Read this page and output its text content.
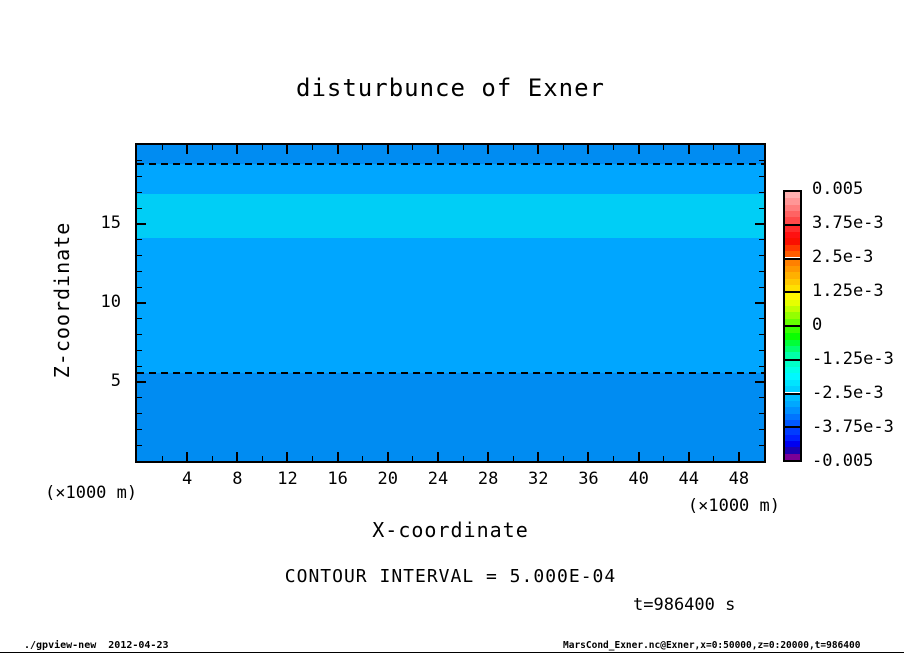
disturbunce of Exner
Z-coordinate
X-coordinate
(×1000 m)
(×1000 m)
4	8	12	16	20	24	28	32	36	40	44	48
5
10
15
CONTOUR INTERVAL = 5.000E-04
t=986400 s
./gpview-new  2012-04-23	MarsCond_Exner.nc@Exner,x=0:50000,z=0:20000,t=986400
0.005
3.75e-3
2.5e-3
1.25e-3
0
-1.25e-3
-2.5e-3
-3.75e-3
-0.005
